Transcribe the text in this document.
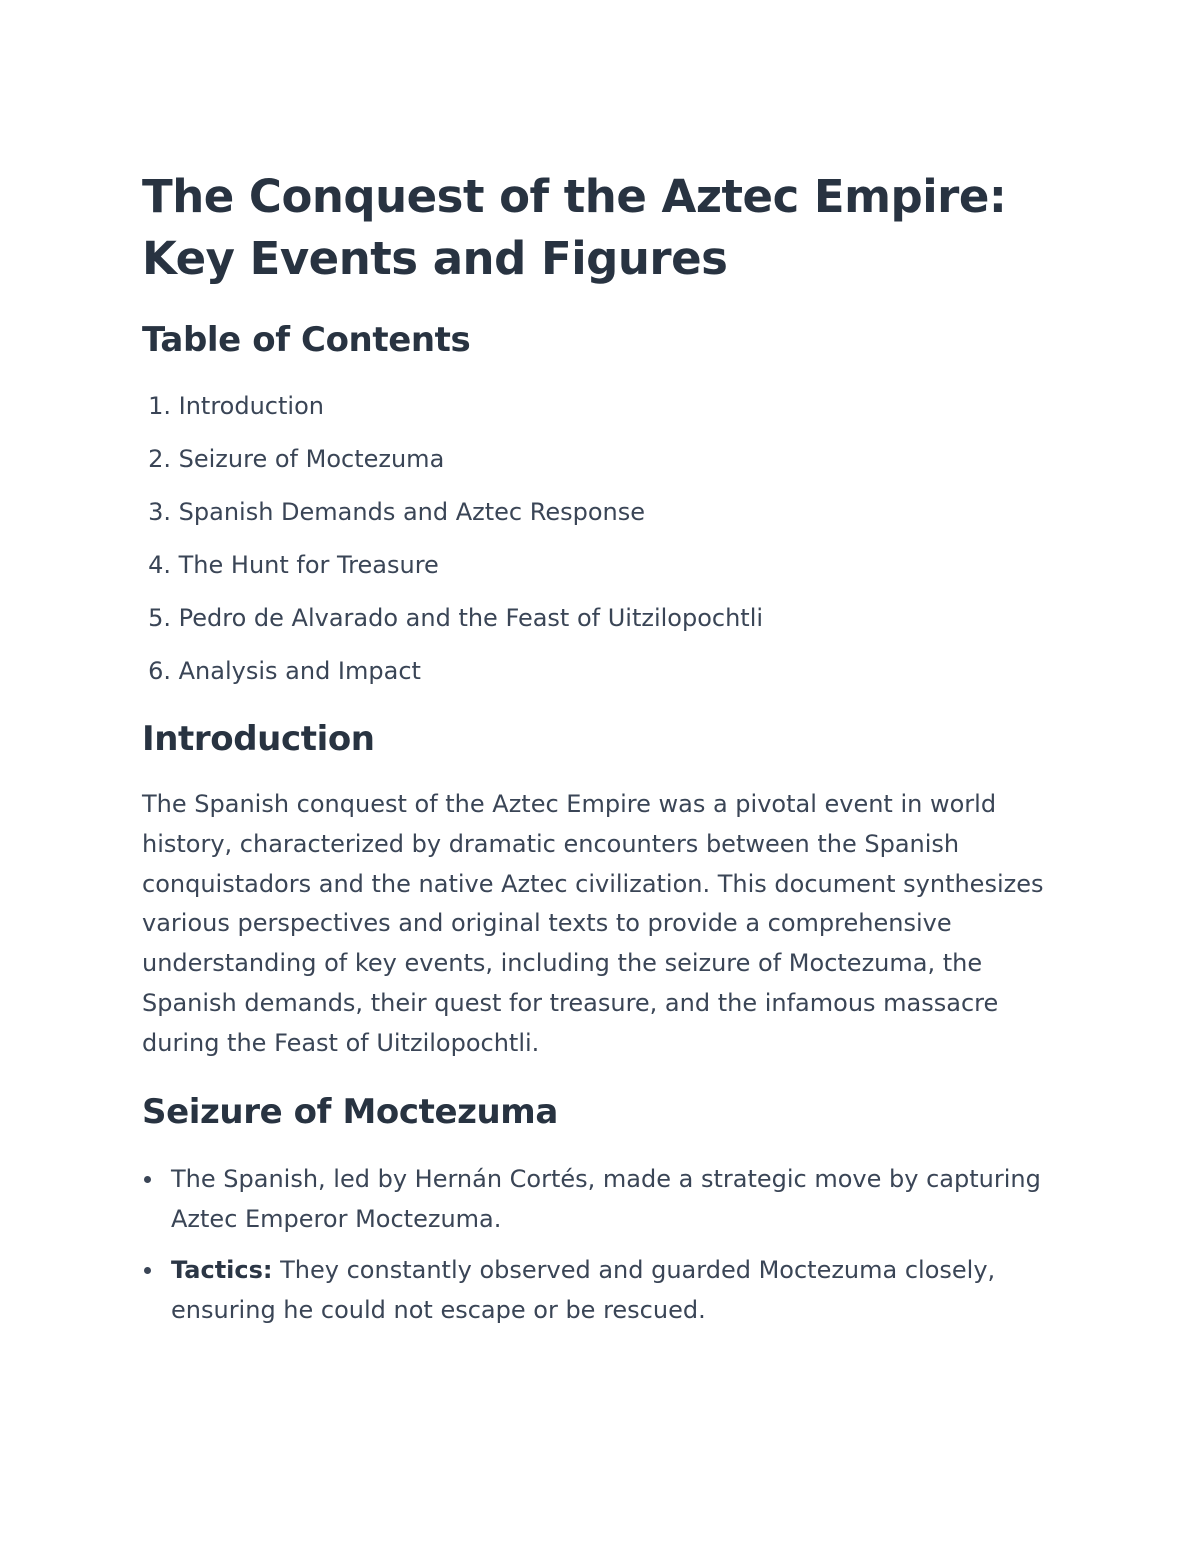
The Conquest of the Aztec Empire: Key Events and Figures
Table of Contents
1. Introduction
2. Seizure of Moctezuma
3. Spanish Demands and Aztec Response
4. The Hunt for Treasure
5. Pedro de Alvarado and the Feast of Uitzilopochtli
6. Analysis and Impact
Introduction

The Spanish conquest of the Aztec Empire was a pivotal event in world history, characterized by dramatic encounters between the Spanish conquistadors and the native Aztec civilization. This document synthesizes various perspectives and original texts to provide a comprehensive understanding of key events, including the seizure of Moctezuma, the Spanish demands, their quest for treasure, and the infamous massacre during the Feast of Uitzilopochtli.

Seizure of Moctezuma
The Spanish, led by Hernán Cortés, made a strategic move by capturing Aztec Emperor Moctezuma.
Tactics: They constantly observed and guarded Moctezuma closely, ensuring he could not escape or be rescued.
